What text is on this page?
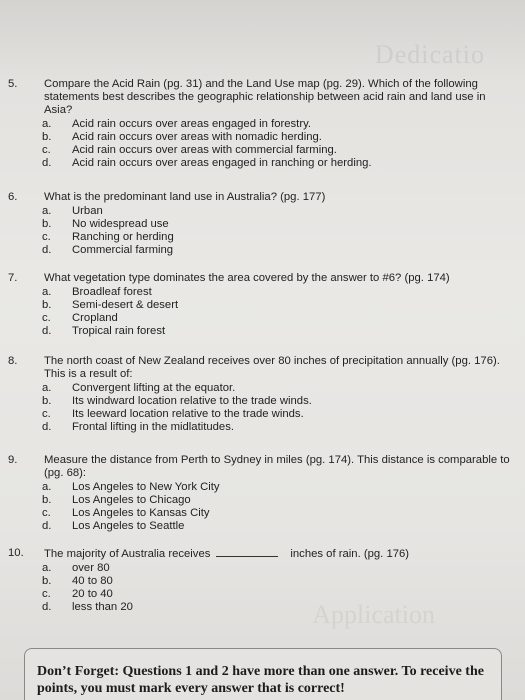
Dedicatio
Application
5.	Compare the Acid Rain (pg. 31) and the Land Use map (pg. 29). Which of the following statements best describes the geographic relationship between acid rain and land use in Asia?
a.	Acid rain occurs over areas engaged in forestry.
b.	Acid rain occurs over areas with nomadic herding.
c.	Acid rain occurs over areas with commercial farming.
d.	Acid rain occurs over areas engaged in ranching or herding.
6.	What is the predominant land use in Australia? (pg. 177)
a.	Urban
b.	No widespread use
c.	Ranching or herding
d.	Commercial farming
7.	What vegetation type dominates the area covered by the answer to #6? (pg. 174)
a.	Broadleaf forest
b.	Semi-desert & desert
c.	Cropland
d.	Tropical rain forest
8.	The north coast of New Zealand receives over 80 inches of precipitation annually (pg. 176). This is a result of:
a.	Convergent lifting at the equator.
b.	Its windward location relative to the trade winds.
c.	Its leeward location relative to the trade winds.
d.	Frontal lifting in the midlatitudes.
9.	Measure the distance from Perth to Sydney in miles (pg. 174). This distance is comparable to (pg. 68):
a.	Los Angeles to New York City
b.	Los Angeles to Chicago
c.	Los Angeles to Kansas City
d.	Los Angeles to Seattle
10.	The majority of Australia receives	inches of rain. (pg. 176)
a.	over 80
b.	40 to 80
c.	20 to 40
d.	less than 20
Don’t Forget: Questions 1 and 2 have more than one answer. To receive the points, you must mark every answer that is correct!
